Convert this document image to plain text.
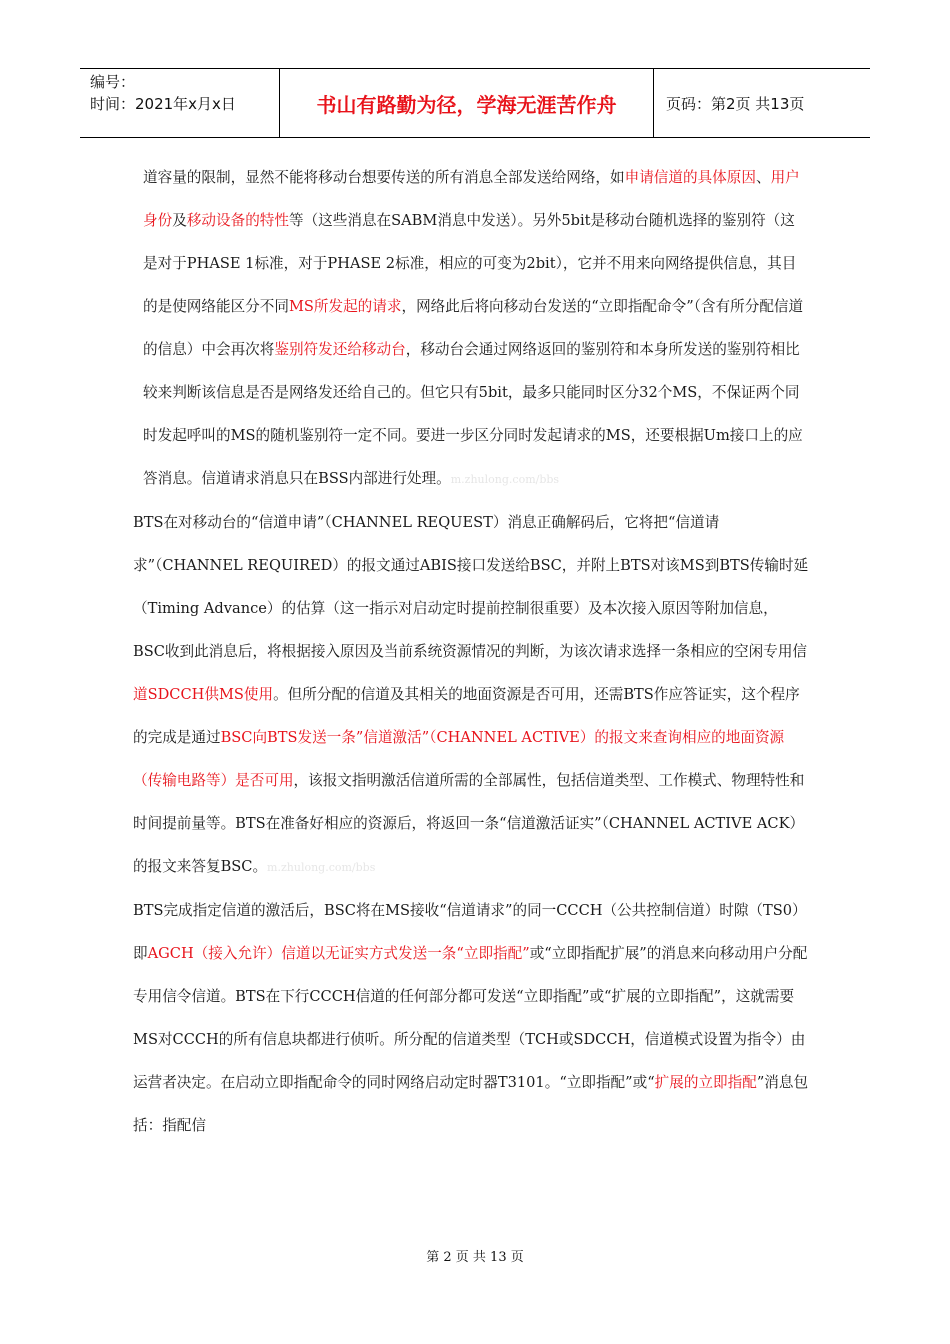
编号：
时间：2021年x月x日	书山有路勤为径，学海无涯苦作舟	页码：第2页 共13页

道容量的限制，显然不能将移动台想要传送的所有消息全部发送给网络，如申请信道的具体原因、用户身份及移动设备的特性等（这些消息在SABM消息中发送）。另外5bit是移动台随机选择的鉴别符（这是对于PHASE 1标准，对于PHASE 2标准，相应的可变为2bit），它并不用来向网络提供信息，其目的是使网络能区分不同MS所发起的请求，网络此后将向移动台发送的“立即指配命令”（含有所分配信道的信息）中会再次将鉴别符发还给移动台，移动台会通过网络返回的鉴别符和本身所发送的鉴别符相比较来判断该信息是否是网络发还给自己的。但它只有5bit，最多只能同时区分32个MS，不保证两个同时发起呼叫的MS的随机鉴别符一定不同。要进一步区分同时发起请求的MS，还要根据Um接口上的应答消息。信道请求消息只在BSS内部进行处理。m.zhulong.com/bbs

BTS在对移动台的“信道申请”（CHANNEL REQUEST）消息正确解码后，它将把“信道请求”（CHANNEL REQUIRED）的报文通过ABIS接口发送给BSC，并附上BTS对该MS到BTS传输时延（Timing Advance）的估算（这一指示对启动定时提前控制很重要）及本次接入原因等附加信息，BSC收到此消息后，将根据接入原因及当前系统资源情况的判断，为该次请求选择一条相应的空闲专用信道SDCCH供MS使用。但所分配的信道及其相关的地面资源是否可用，还需BTS作应答证实，这个程序的完成是通过BSC向BTS发送一条”信道激活”（CHANNEL ACTIVE）的报文来查询相应的地面资源（传输电路等）是否可用，该报文指明激活信道所需的全部属性，包括信道类型、工作模式、物理特性和时间提前量等。BTS在准备好相应的资源后，将返回一条“信道激活证实”（CHANNEL ACTIVE ACK）的报文来答复BSC。m.zhulong.com/bbs

BTS完成指定信道的激活后，BSC将在MS接收“信道请求”的同一CCCH（公共控制信道）时隙（TS0）即AGCH（接入允许）信道以无证实方式发送一条“立即指配”或“立即指配扩展”的消息来向移动用户分配专用信令信道。BTS在下行CCCH信道的任何部分都可发送“立即指配”或“扩展的立即指配”，这就需要MS对CCCH的所有信息块都进行侦听。所分配的信道类型（TCH或SDCCH，信道模式设置为指令）由运营者决定。在启动立即指配命令的同时网络启动定时器T3101。“立即指配”或“扩展的立即指配”消息包括：指配信

第 2 页 共 13 页
